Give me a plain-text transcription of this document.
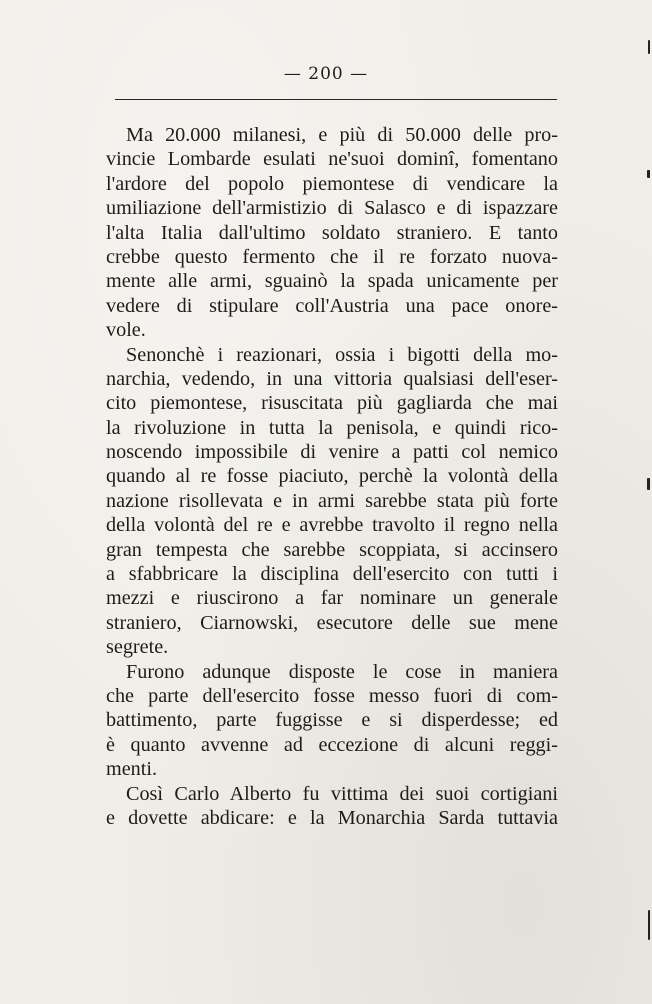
— 200 —
Ma 20.000 milanesi, e più di 50.000 delle pro-
vincie Lombarde esulati ne'suoi dominî, fomentano
l'ardore del popolo piemontese di vendicare la
umiliazione dell'armistizio di Salasco e di ispazzare
l'alta Italia dall'ultimo soldato straniero. E tanto
crebbe questo fermento che il re forzato nuova-
mente alle armi, sguainò la spada unicamente per
vedere di stipulare coll'Austria una pace onore-
vole.
Senonchè i reazionari, ossia i bigotti della mo-
narchia, vedendo, in una vittoria qualsiasi dell'eser-
cito piemontese, risuscitata più gagliarda che mai
la rivoluzione in tutta la penisola, e quindi rico-
noscendo impossibile di venire a patti col nemico
quando al re fosse piaciuto, perchè la volontà della
nazione risollevata e in armi sarebbe stata più forte
della volontà del re e avrebbe travolto il regno nella
gran tempesta che sarebbe scoppiata, si accinsero
a sfabbricare la disciplina dell'esercito con tutti i
mezzi e riuscirono a far nominare un generale
straniero, Ciarnowski, esecutore delle sue mene
segrete.
Furono adunque disposte le cose in maniera
che parte dell'esercito fosse messo fuori di com-
battimento, parte fuggisse e si disperdesse; ed
è quanto avvenne ad eccezione di alcuni reggi-
menti.
Così Carlo Alberto fu vittima dei suoi cortigiani
e dovette abdicare: e la Monarchia Sarda tuttavia
